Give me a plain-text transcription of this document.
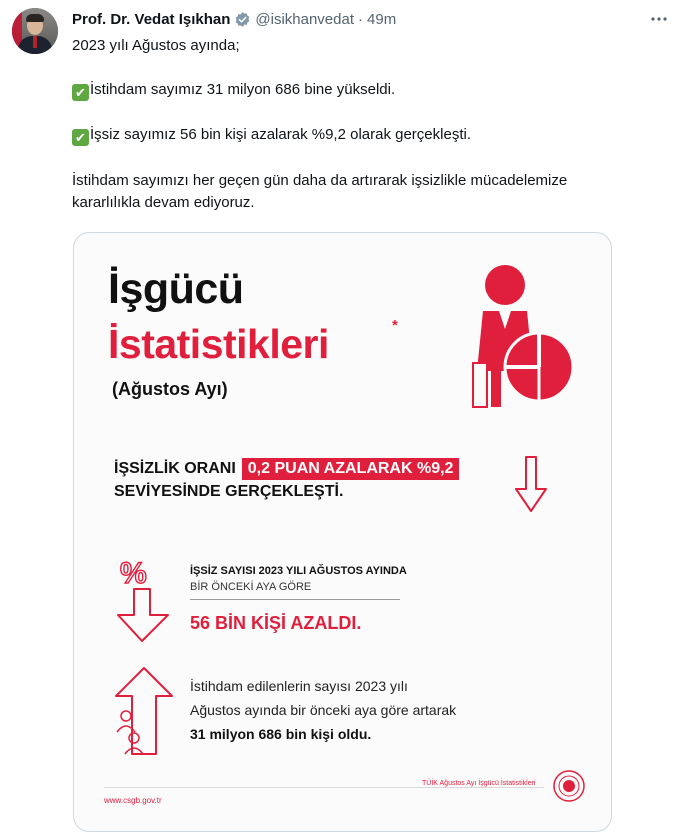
Prof. Dr. Vedat Işıkhan @isikhanvedat · 49m

2023 yılı Ağustos ayında;

✔ İstihdam sayımız 31 milyon 686 bine yükseldi.

✔ İşsiz sayımız 56 bin kişi azalarak %9,2 olarak gerçekleşti.

İstihdam sayımızı her geçen gün daha da artırarak işsizlikle mücadelemize

kararlılıkla devam ediyoruz.

İşgücü
İstatistikleri	*
(Ağustos Ayı)
İŞSİZLİK ORANI 0,2 PUAN AZALARAK %9,2
SEVİYESİNDE GERÇEKLEŞTİ.
%	İŞSİZ SAYISI 2023 YILI AĞUSTOS AYINDA
BİR ÖNCEKİ AYA GÖRE
56 BİN KİŞİ AZALDI.
İstihdam edilenlerin sayısı 2023 yılı
Ağustos ayında bir önceki aya göre artarak
31 milyon 686 bin kişi oldu.
TÜİK Ağustos Ayı İşgücü İstatistikleri
www.csgb.gov.tr
